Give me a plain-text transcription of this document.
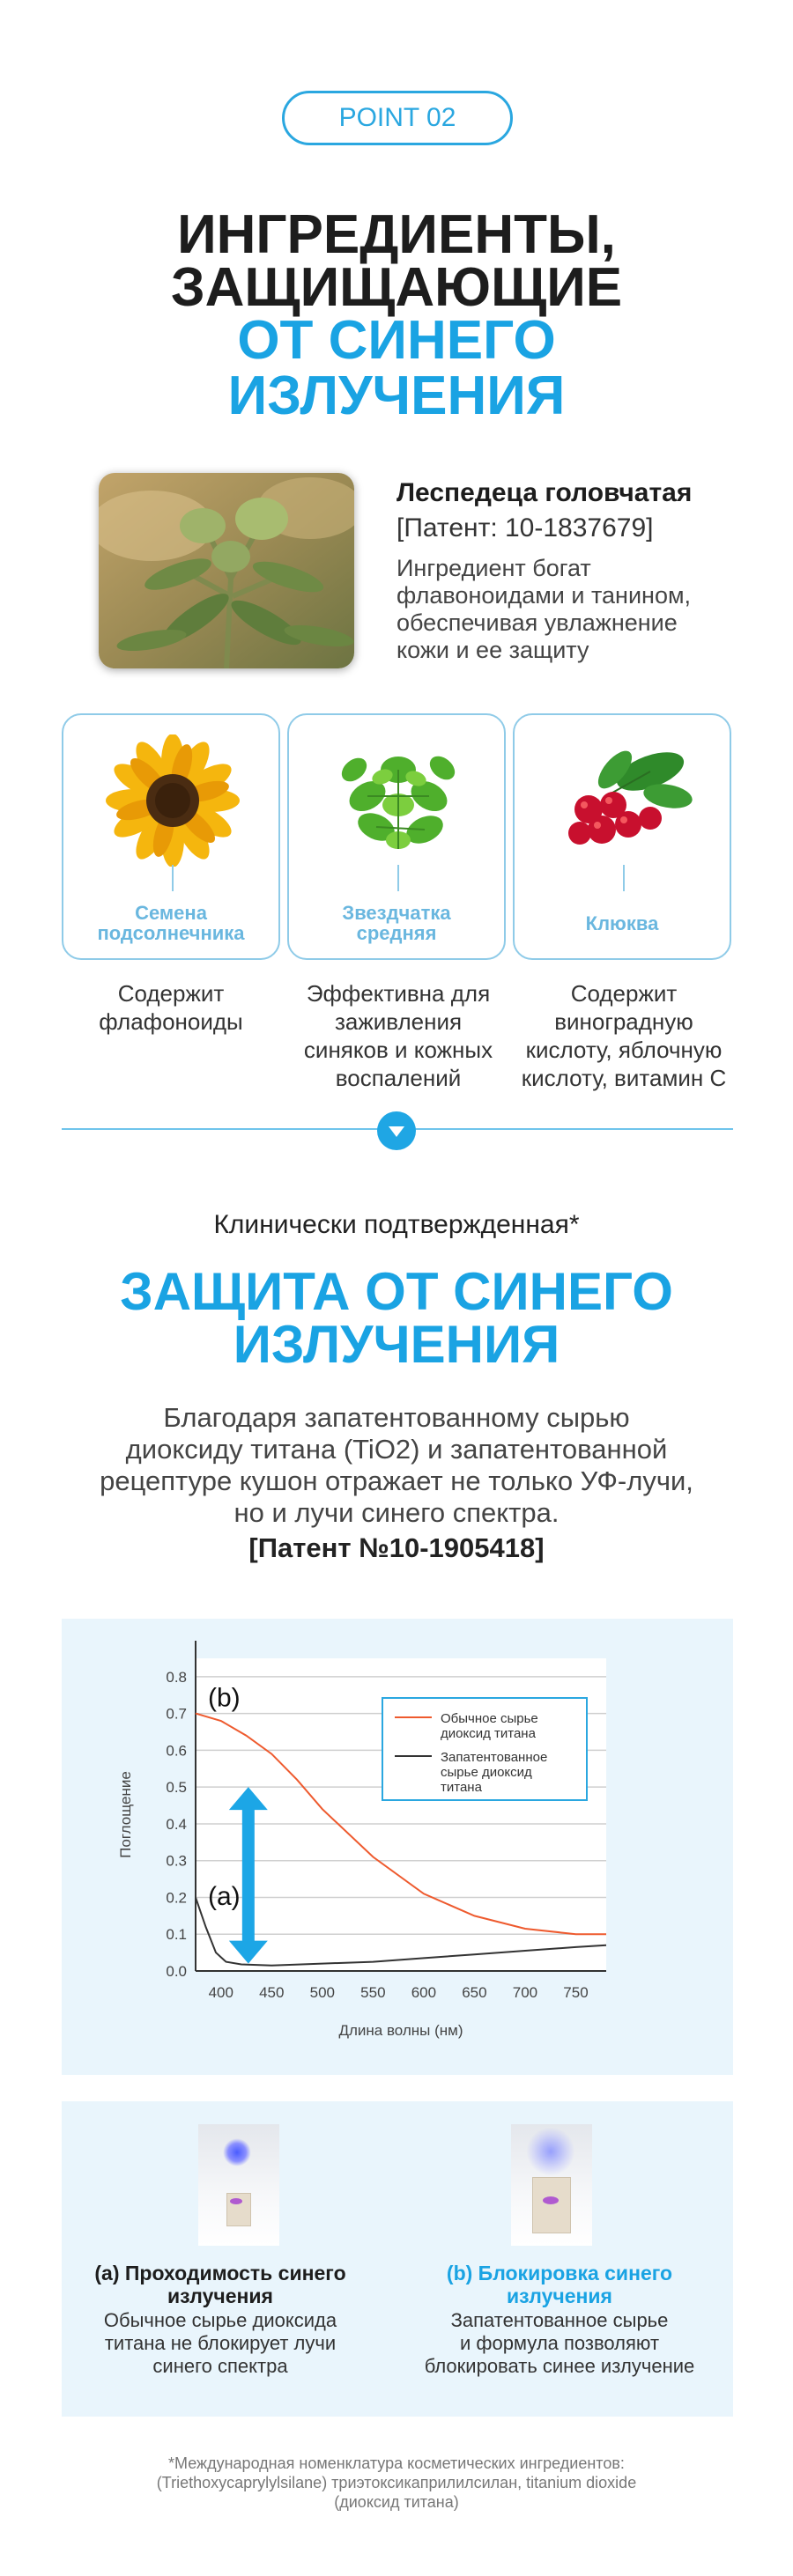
POINT 02
ИНГРЕДИЕНТЫ,
ЗАЩИЩАЮЩИЕ
ОТ СИНЕГО
ИЗЛУЧЕНИЯ
Леспедеца головчатая
[Патент: 10-1837679]
Ингредиент богат
флавоноидами и танином,
обеспечивая увлажнение
кожи и ее защиту
Семена
подсолнечника
Звездчатка
средняя	Клюква
Содержит
флафоноиды
Эффективна для
заживления
синяков и кожных
воспалений
Содержит
виноградную
кислоту, яблочную
кислоту, витамин С
Клинически подтвержденная*
ЗАЩИТА ОТ СИНЕГО
ИЗЛУЧЕНИЯ
Благодаря запатентованному сырью
диоксиду титана (TiO2) и запатентованной
рецептуре кушон отражает не только УФ-лучи,
но и лучи синего спектра.
[Патент №10-1905418]
0.8
0.7
0.6
0.5
0.4
0.3
0.2
0.1
0.0
400 450 500 550 600 650 700 750
Длина волны (нм)
Поглощение
Обычное сырье
диоксид титана
Запатентованное
сырье диоксид
титана
(b)
(a)
(a) Проходимость синего
излучения
Обычное сырье диоксида
титана не блокирует лучи
синего спектра
(b) Блокировка синего
излучения
Запатентованное сырье
и формула позволяют
блокировать синее излучение
*Международная номенклатура косметических ингредиентов:
(Triethoxycaprylylsilane) триэтоксикаприлилсилан, titanium dioxide
(диоксид титана)
